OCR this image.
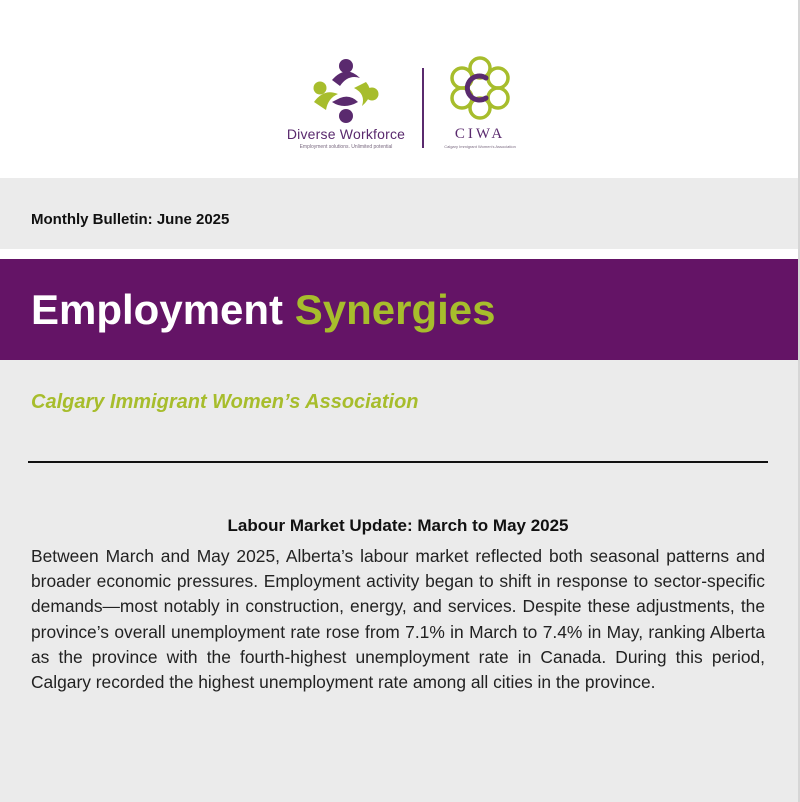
Diverse Workforce
Employment solutions. Unlimited potential
CIWA
Calgary Immigrant Women's Association
Monthly Bulletin: June 2025
Employment Synergies
Calgary Immigrant Women’s Association
Labour Market Update: March to May 2025

Between March and May 2025, Alberta’s labour market reflected both seasonal patterns and broader economic pressures. Employment activity began to shift in response to sector-specific demands—most notably in construction, energy, and services. Despite these adjustments, the province’s overall unemployment rate rose from 7.1% in March to 7.4% in May, ranking Alberta as the province with the fourth-highest unemployment rate in Canada. During this period, Calgary recorded the highest unemployment rate among all cities in the province.
